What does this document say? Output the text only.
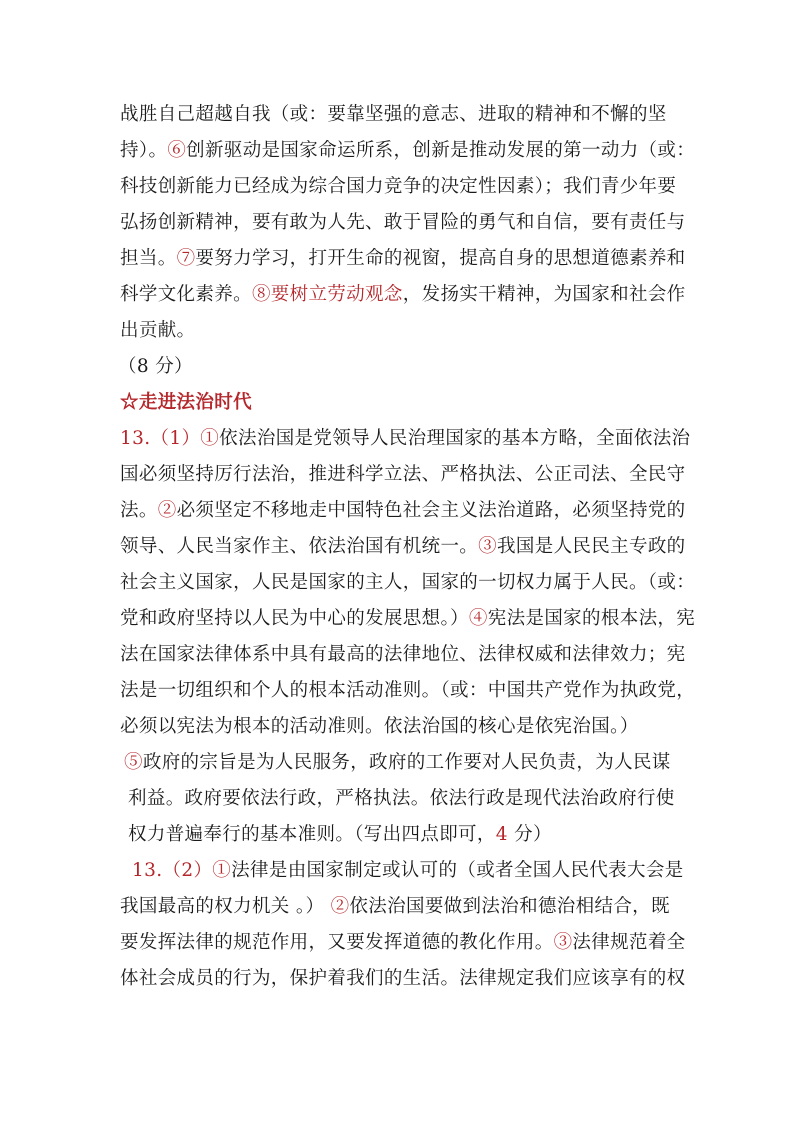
战胜自己超越自我（或：要靠坚强的意志、进取的精神和不懈的坚
持）。⑥创新驱动是国家命运所系，创新是推动发展的第一动力（或：
科技创新能力已经成为综合国力竞争的决定性因素）；我们青少年要
弘扬创新精神，要有敢为人先、敢于冒险的勇气和自信，要有责任与
担当。⑦要努力学习，打开生命的视窗，提高自身的思想道德素养和
科学文化素养。⑧要树立劳动观念，发扬实干精神，为国家和社会作
出贡献。
（8 分）
☆走进法治时代
13.（1）①依法治国是党领导人民治理国家的基本方略，全面依法治
国必须坚持厉行法治，推进科学立法、严格执法、公正司法、全民守
法。②必须坚定不移地走中国特色社会主义法治道路，必须坚持党的
领导、人民当家作主、依法治国有机统一。③我国是人民民主专政的
社会主义国家，人民是国家的主人，国家的一切权力属于人民。（或：
党和政府坚持以人民为中心的发展思想。）④宪法是国家的根本法，宪
法在国家法律体系中具有最高的法律地位、法律权威和法律效力；宪
法是一切组织和个人的根本活动准则。（或：中国共产党作为执政党，
必须以宪法为根本的活动准则。依法治国的核心是依宪治国。）
⑤政府的宗旨是为人民服务，政府的工作要对人民负责，为人民谋
利益。政府要依法行政，严格执法。依法行政是现代法治政府行使
权力普遍奉行的基本准则。（写出四点即可，4 分）
13.（2）①法律是由国家制定或认可的（或者全国人民代表大会是
我国最高的权力机关 。） ②依法治国要做到法治和德治相结合，既
要发挥法律的规范作用，又要发挥道德的教化作用。③法律规范着全
体社会成员的行为，保护着我们的生活。法律规定我们应该享有的权
